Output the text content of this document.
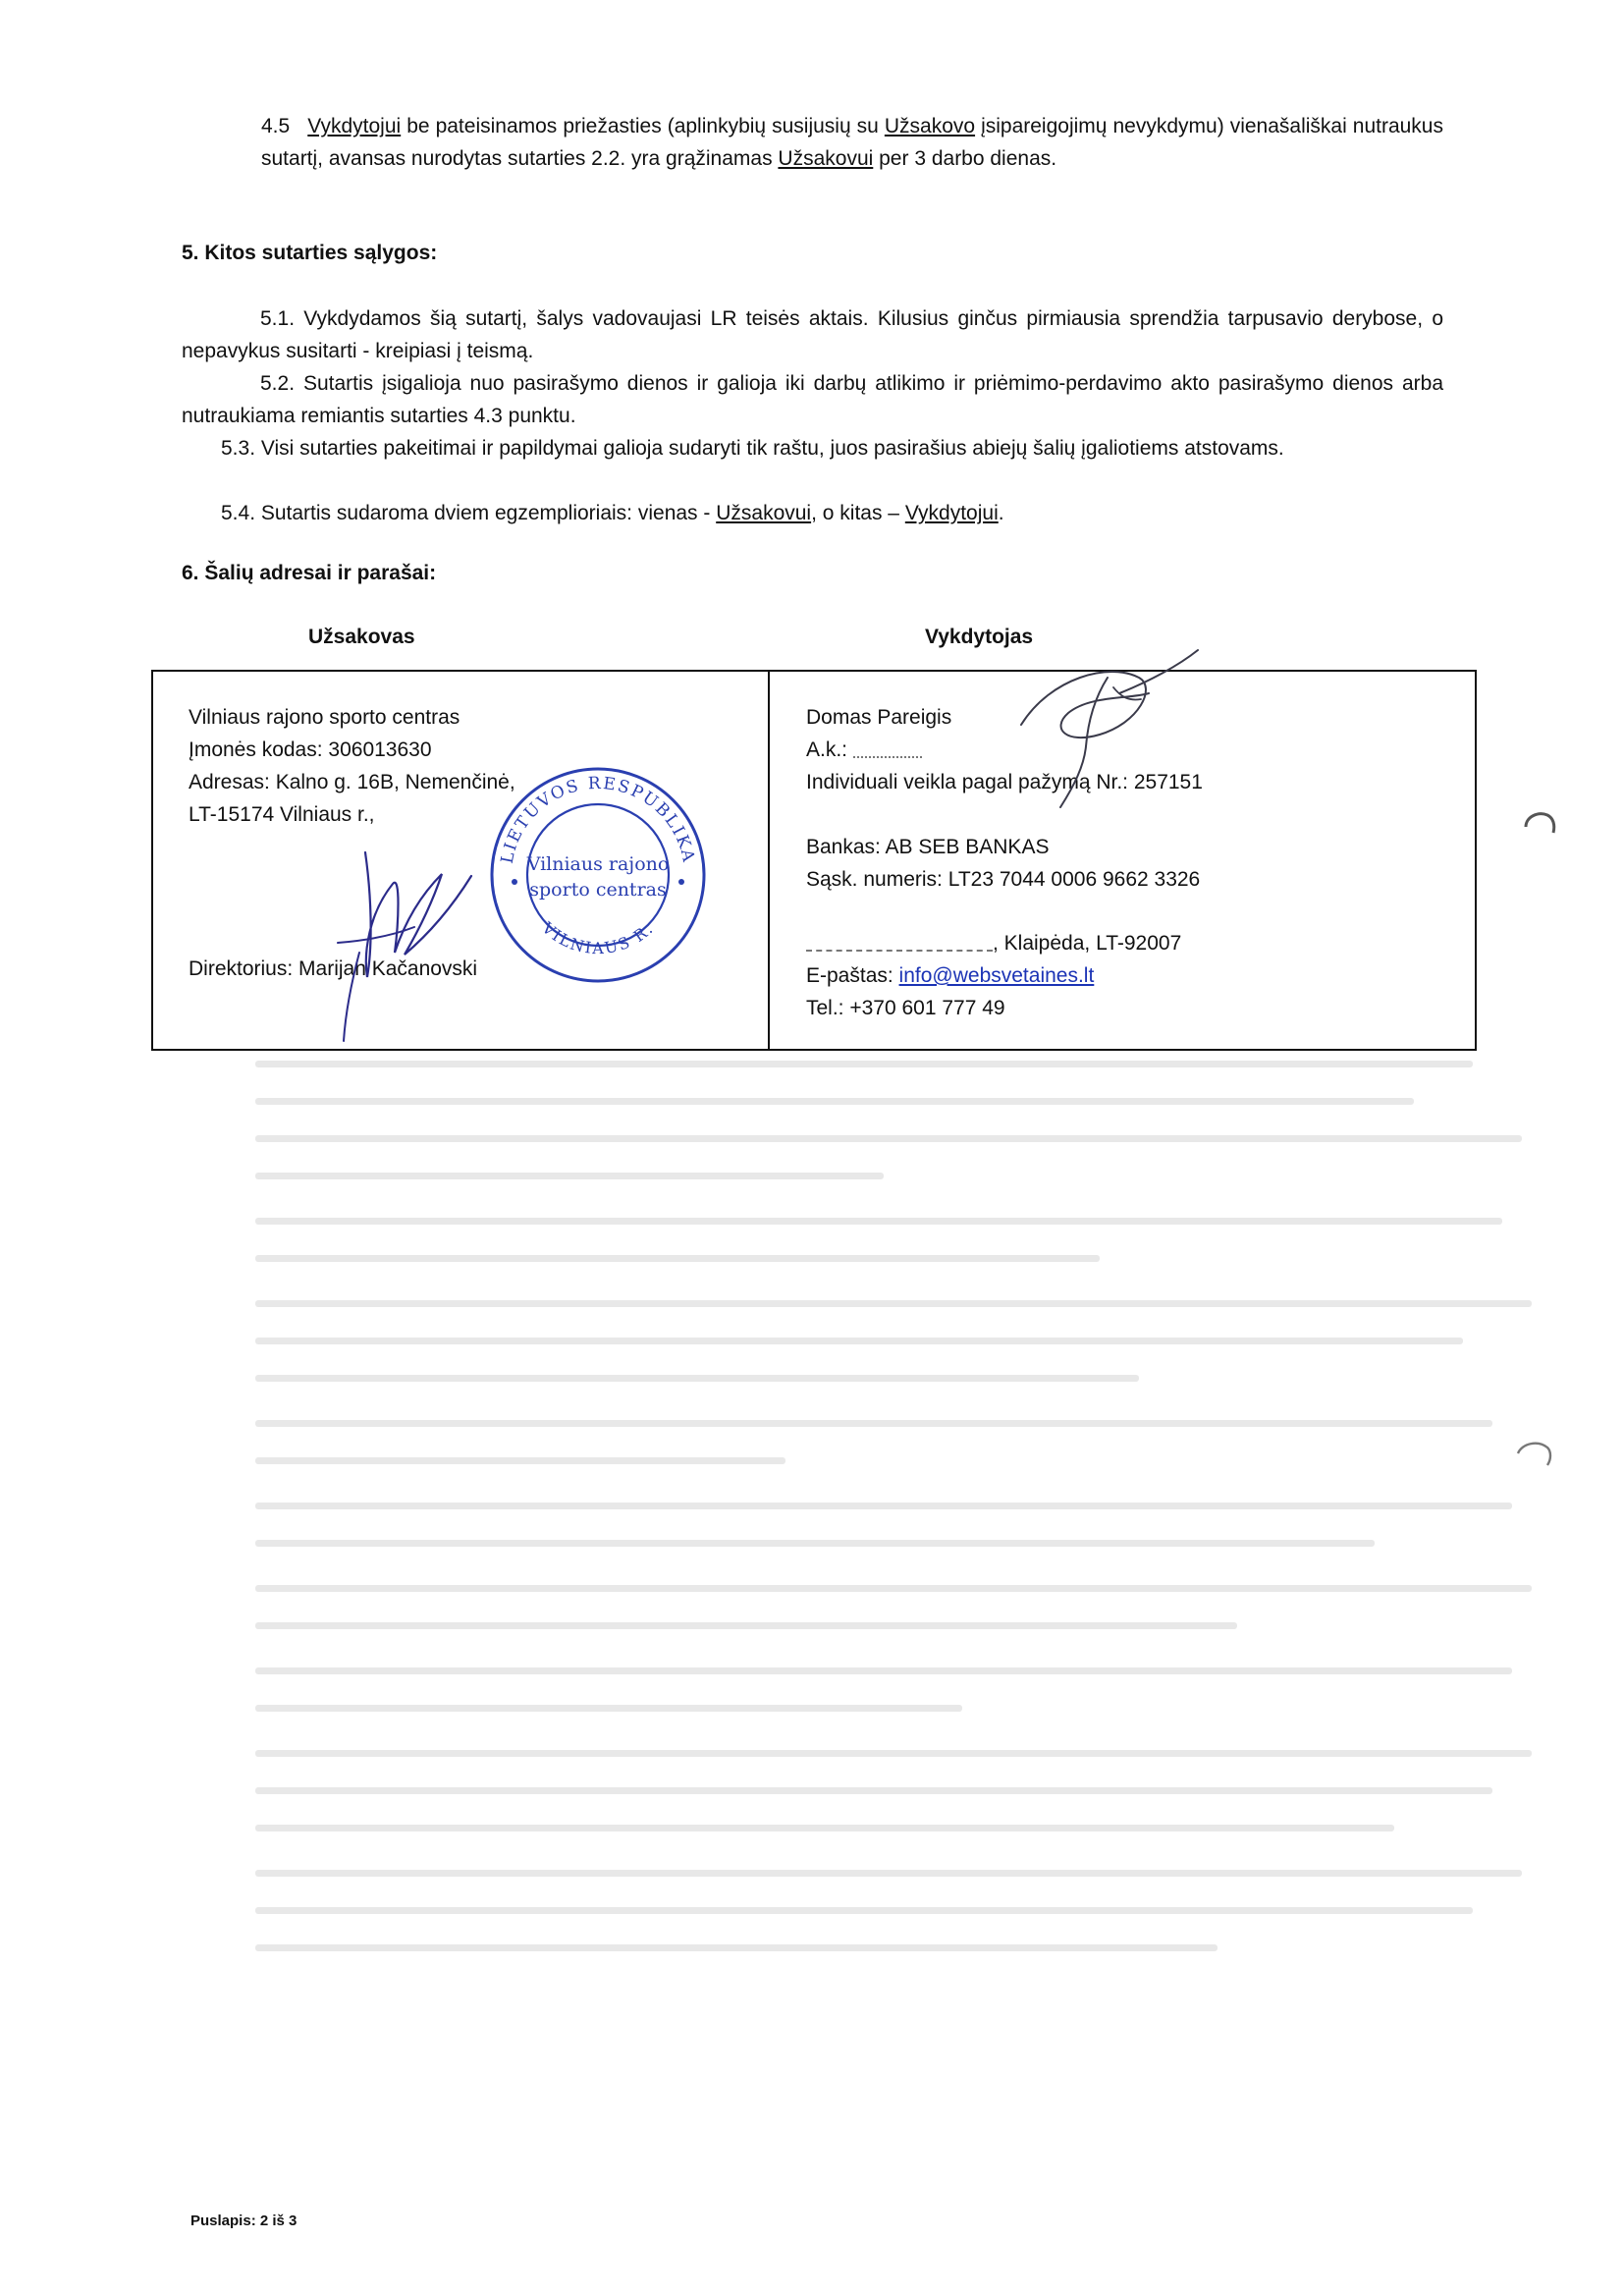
4.5 Vykdytojui be pateisinamos priežasties (aplinkybių susijusių su Užsakovo įsipareigojimų nevykdymu) vienašališkai nutraukus sutartį, avansas nurodytas sutarties 2.2. yra grąžinamas Užsakovui per 3 darbo dienas.
5. Kitos sutarties sąlygos:
5.1. Vykdydamos šią sutartį, šalys vadovaujasi LR teisės aktais. Kilusius ginčus pirmiausia sprendžia tarpusavio derybose, o nepavykus susitarti - kreipiasi į teismą.
5.2. Sutartis įsigalioja nuo pasirašymo dienos ir galioja iki darbų atlikimo ir priėmimo-perdavimo akto pasirašymo dienos arba nutraukiama remiantis sutarties 4.3 punktu.
5.3. Visi sutarties pakeitimai ir papildymai galioja sudaryti tik raštu, juos pasirašius abiejų šalių įgaliotiems atstovams.
5.4. Sutartis sudaroma dviem egzemplioriais: vienas - Užsakovui, o kitas – Vykdytojui.
6. Šalių adresai ir parašai:
Užsakovas	Vykdytojas
Vilniaus rajono sporto centras
Įmonės kodas: 306013630
Adresas: Kalno g. 16B, Nemenčinė,
LT-15174 Vilniaus r.,
Direktorius: Marijan Kačanovski
Domas Pareigis
A.k.:
Individuali veikla pagal pažymą Nr.: 257151
Bankas: AB SEB BANKAS
Sąsk. numeris: LT23 7044 0006 9662 3326
, Klaipėda, LT-92007
E-paštas: info@websvetaines.lt
Tel.: +370 601 777 49
LIETUVOS RESPUBLIKA
VILNIAUS R.
Vilniaus rajono
sporto centras
Puslapis: 2 iš 3
